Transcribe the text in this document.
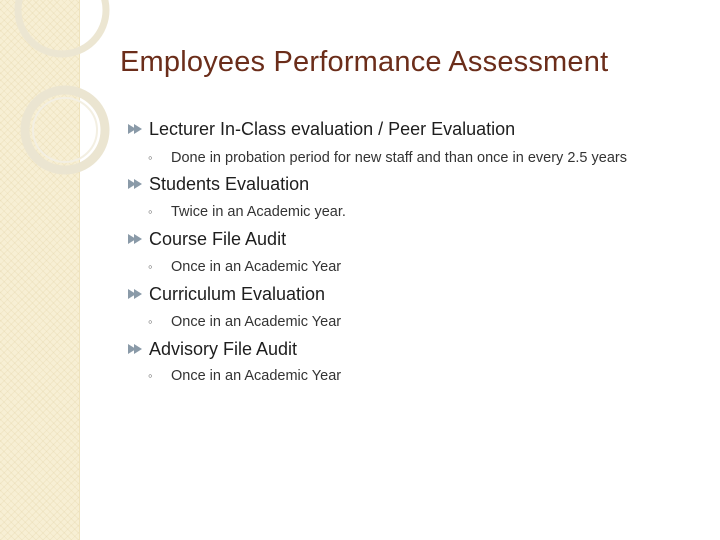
Employees Performance Assessment
Lecturer In-Class evaluation / Peer Evaluation
◦ Done in probation period for new staff and than once in every 2.5 years
Students Evaluation
◦ Twice in an Academic year.
Course File Audit
◦ Once in an Academic Year
Curriculum Evaluation
◦ Once in an Academic Year
Advisory File Audit
◦ Once in an Academic Year
